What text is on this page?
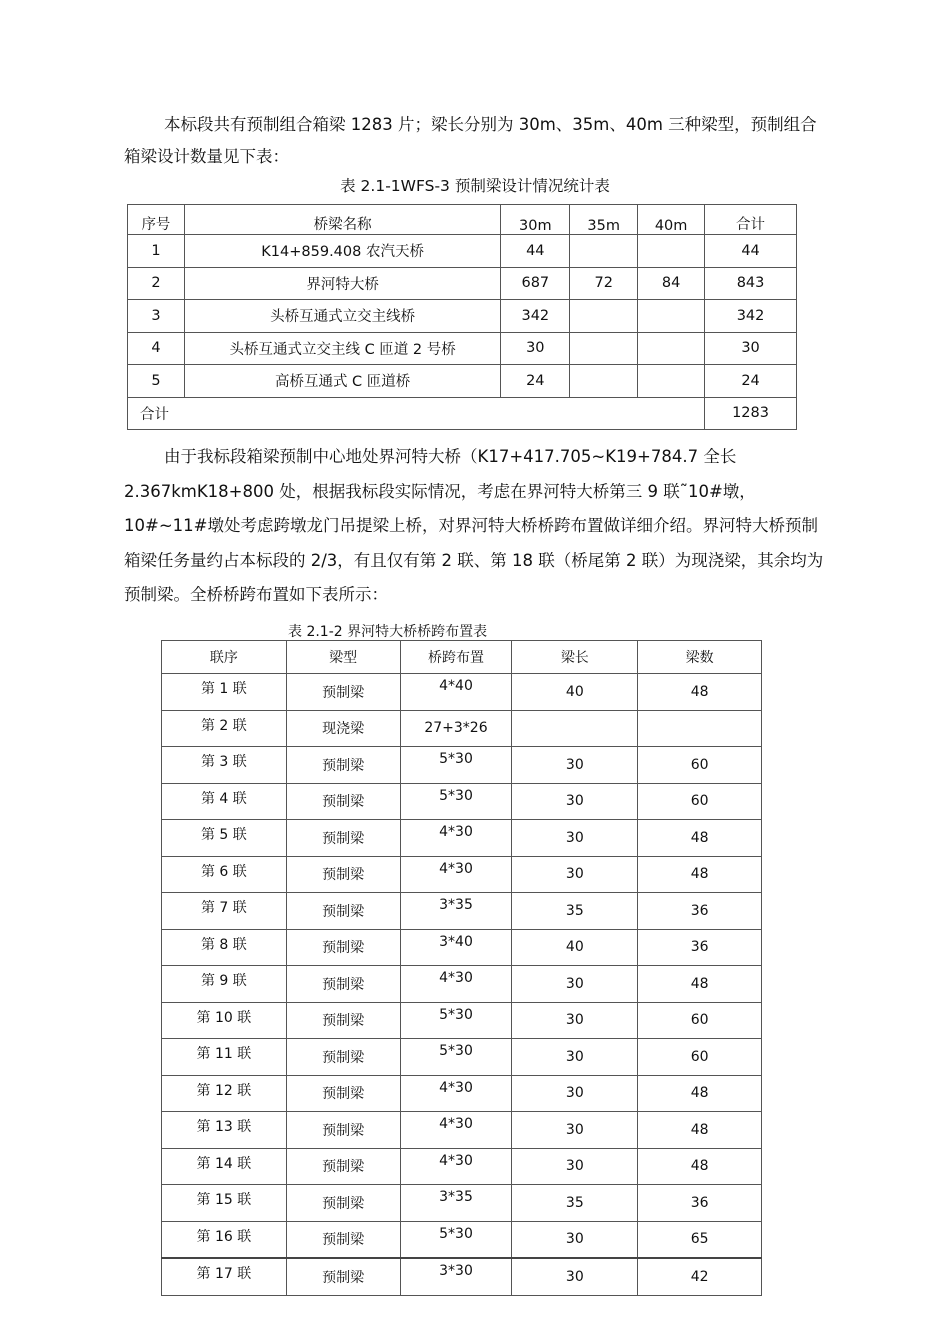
本标段共有预制组合箱梁 1283 片；梁长分别为 30m、35m、40m 三种梁型，预制组合箱梁设计数量见下表：

表 2.1-1WFS-3 预制梁设计情况统计表
序号	桥梁名称	30m	35m	40m	合计
1	K14+859.408 农汽天桥	44			44
2	界河特大桥	687	72	84	843
3	头桥互通式立交主线桥	342			342
4	头桥互通式立交主线 C 匝道 2 号桥	30			30
5	高桥互通式 C 匝道桥	24			24
合计					1283

由于我标段箱梁预制中心地处界河特大桥（K17+417.705~K19+784.7 全长 2.367kmK18+800 处，根据我标段实际情况，考虑在界河特大桥第三 9 联˜10#墩，10#~11#墩处考虑跨墩龙门吊提梁上桥，对界河特大桥桥跨布置做详细介绍。界河特大桥预制箱梁任务量约占本标段的 2/3，有且仅有第 2 联、第 18 联（桥尾第 2 联）为现浇梁，其余均为预制梁。全桥桥跨布置如下表所示：

表 2.1-2 界河特大桥桥跨布置表
联序	梁型	桥跨布置	梁长	梁数
第 1 联	预制梁	4*40	40	48
第 2 联	现浇梁	27+3*26		
第 3 联	预制梁	5*30	30	60
第 4 联	预制梁	5*30	30	60
第 5 联	预制梁	4*30	30	48
第 6 联	预制梁	4*30	30	48
第 7 联	预制梁	3*35	35	36
第 8 联	预制梁	3*40	40	36
第 9 联	预制梁	4*30	30	48
第 10 联	预制梁	5*30	30	60
第 11 联	预制梁	5*30	30	60
第 12 联	预制梁	4*30	30	48
第 13 联	预制梁	4*30	30	48
第 14 联	预制梁	4*30	30	48
第 15 联	预制梁	3*35	35	36
第 16 联	预制梁	5*30	30	65
第 17 联	预制梁	3*30	30	42
